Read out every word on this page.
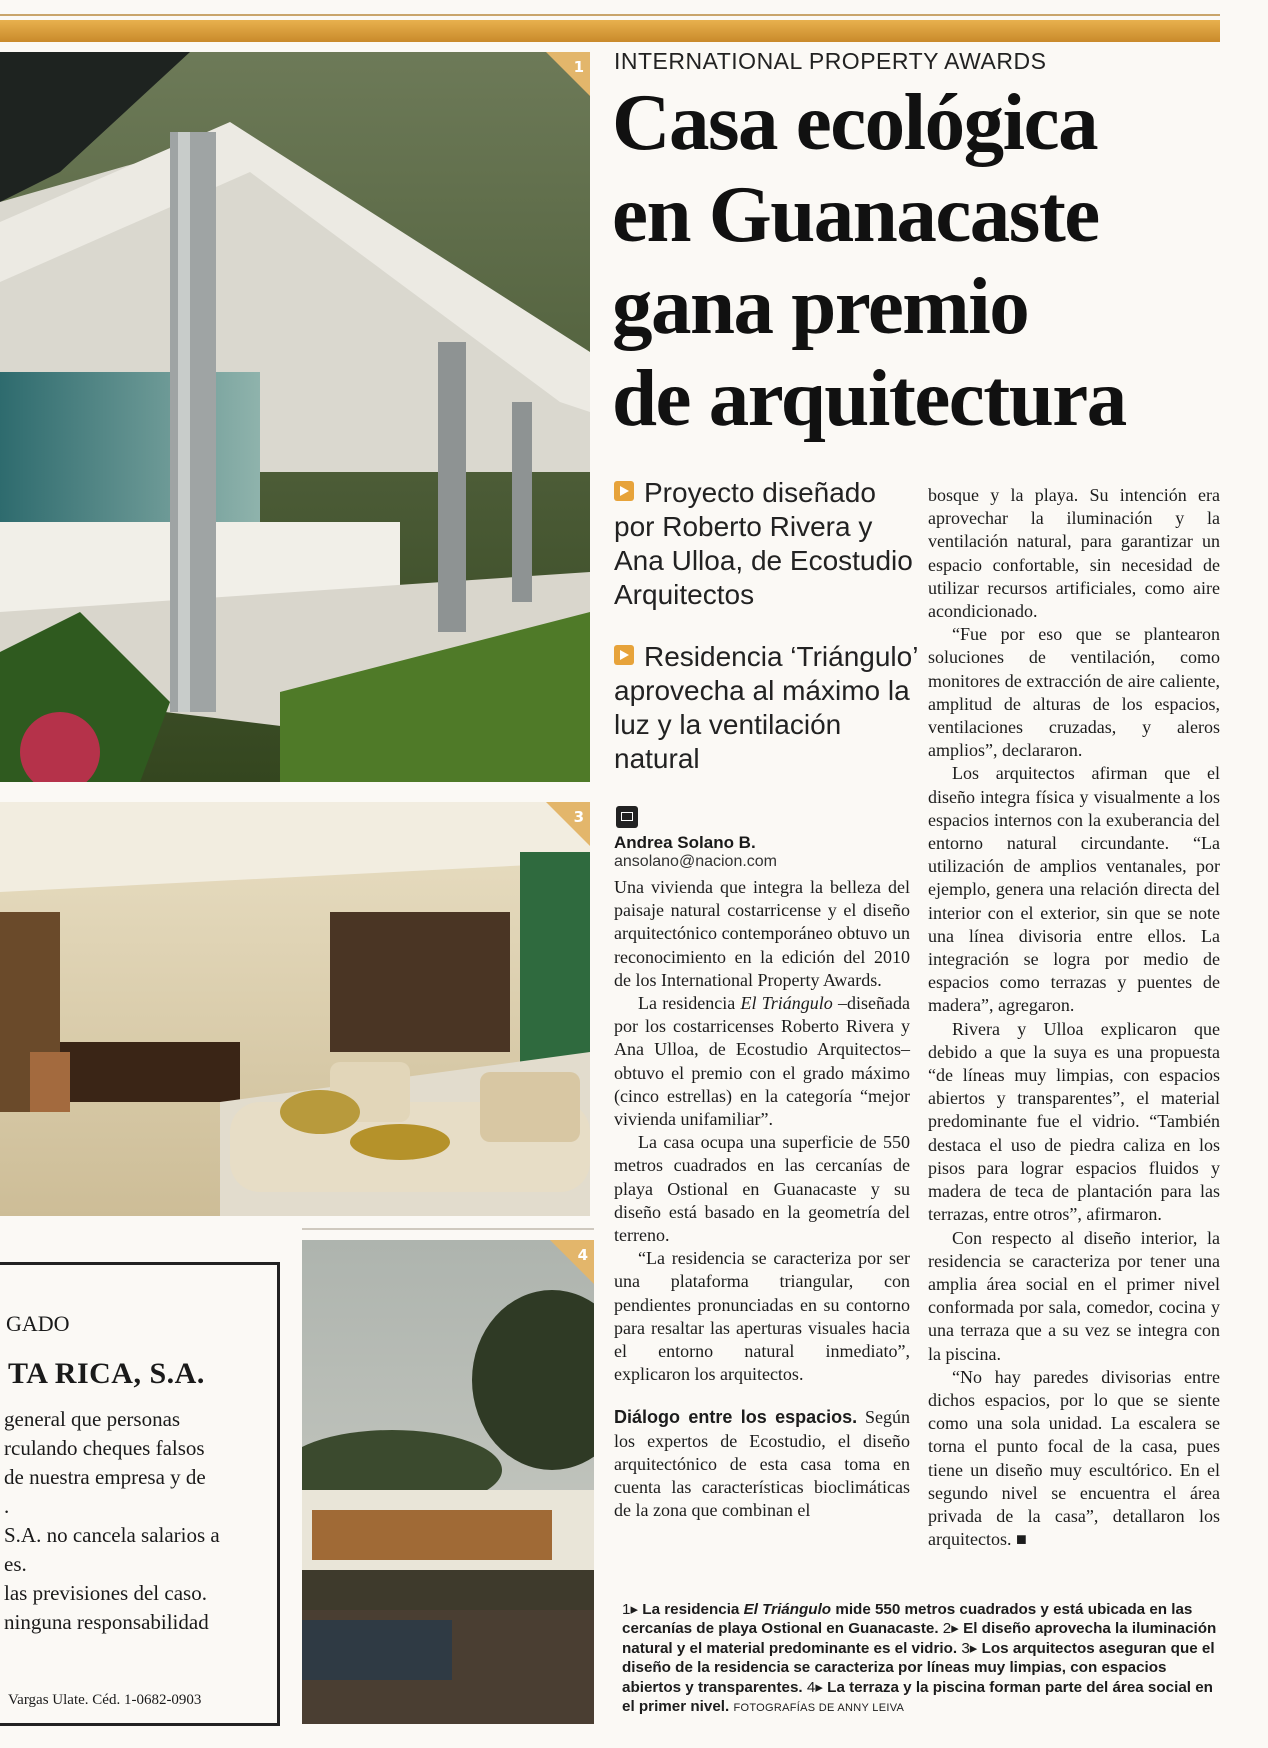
1
3
4
GADO
TA RICA, S.A.
general que personas
rculando cheques falsos
de nuestra empresa y de
.
S.A. no cancela salarios a
es.
las previsiones del caso.
ninguna responsabilidad
Vargas Ulate. Céd. 1-0682-0903
INTERNATIONAL PROPERTY AWARDS
Casa ecológica
en Guanacaste
gana premio
de arquitectura
Proyecto diseñado por Roberto Rivera y Ana Ulloa, de Ecostudio Arquitectos
Residencia ‘Triángulo’ aprovecha al máximo la luz y la ventilación natural
Andrea Solano B.
ansolano@nacion.com

Una vivienda que integra la belleza del paisaje natural costarricense y el diseño arquitectónico contemporáneo obtuvo un reconocimiento en la edición del 2010 de los International Property Awards.

La residencia El Triángulo –diseñada por los costarricenses Roberto Rivera y Ana Ulloa, de Ecostudio Arquitectos– obtuvo el premio con el grado máximo (cinco estrellas) en la categoría “mejor vivienda unifamiliar”.

La casa ocupa una superficie de 550 metros cuadrados en las cercanías de playa Ostional en Guanacaste y su diseño está basado en la geometría del terreno.

“La residencia se caracteriza por ser una plataforma triangular, con pendientes pronunciadas en su contorno para resaltar las aperturas visuales hacia el entorno natural inmediato”, explicaron los arquitectos.

Diálogo entre los espacios. Según los expertos de Ecostudio, el diseño arquitectónico de esta casa toma en cuenta las características bioclimáticas de la zona que combinan el

bosque y la playa. Su intención era aprovechar la iluminación y la ventilación natural, para garantizar un espacio confortable, sin necesidad de utilizar recursos artificiales, como aire acondicionado.

“Fue por eso que se plantearon soluciones de ventilación, como monitores de extracción de aire caliente, amplitud de alturas de los espacios, ventilaciones cruzadas, y aleros amplios”, declararon.

Los arquitectos afirman que el diseño integra física y visualmente a los espacios internos con la exuberancia del entorno natural circundante. “La utilización de amplios ventanales, por ejemplo, genera una relación directa del interior con el exterior, sin que se note una línea divisoria entre ellos. La integración se logra por medio de espacios como terrazas y puentes de madera”, agregaron.

Rivera y Ulloa explicaron que debido a que la suya es una propuesta “de líneas muy limpias, con espacios abiertos y transparentes”, el material predominante fue el vidrio. “También destaca el uso de piedra caliza en los pisos para lograr espacios fluidos y madera de teca de plantación para las terrazas, entre otros”, afirmaron.

Con respecto al diseño interior, la residencia se caracteriza por tener una amplia área social en el primer nivel conformada por sala, comedor, cocina y una terraza que a su vez se integra con la piscina.

“No hay paredes divisorias entre dichos espacios, por lo que se siente como una sola unidad. La escalera se torna el punto focal de la casa, pues tiene un diseño muy escultórico. En el segundo nivel se encuentra el área privada de la casa”, detallaron los arquitectos. ■

1▸ La residencia El Triángulo mide 550 metros cuadrados y está ubicada en las cercanías de playa Ostional en Guanacaste. 2▸ El diseño aprovecha la iluminación natural y el material predominante es el vidrio. 3▸ Los arquitectos aseguran que el diseño de la residencia se caracteriza por líneas muy limpias, con espacios abiertos y transparentes. 4▸ La terraza y la piscina forman parte del área social en el primer nivel. FOTOGRAFÍAS DE ANNY LEIVA
